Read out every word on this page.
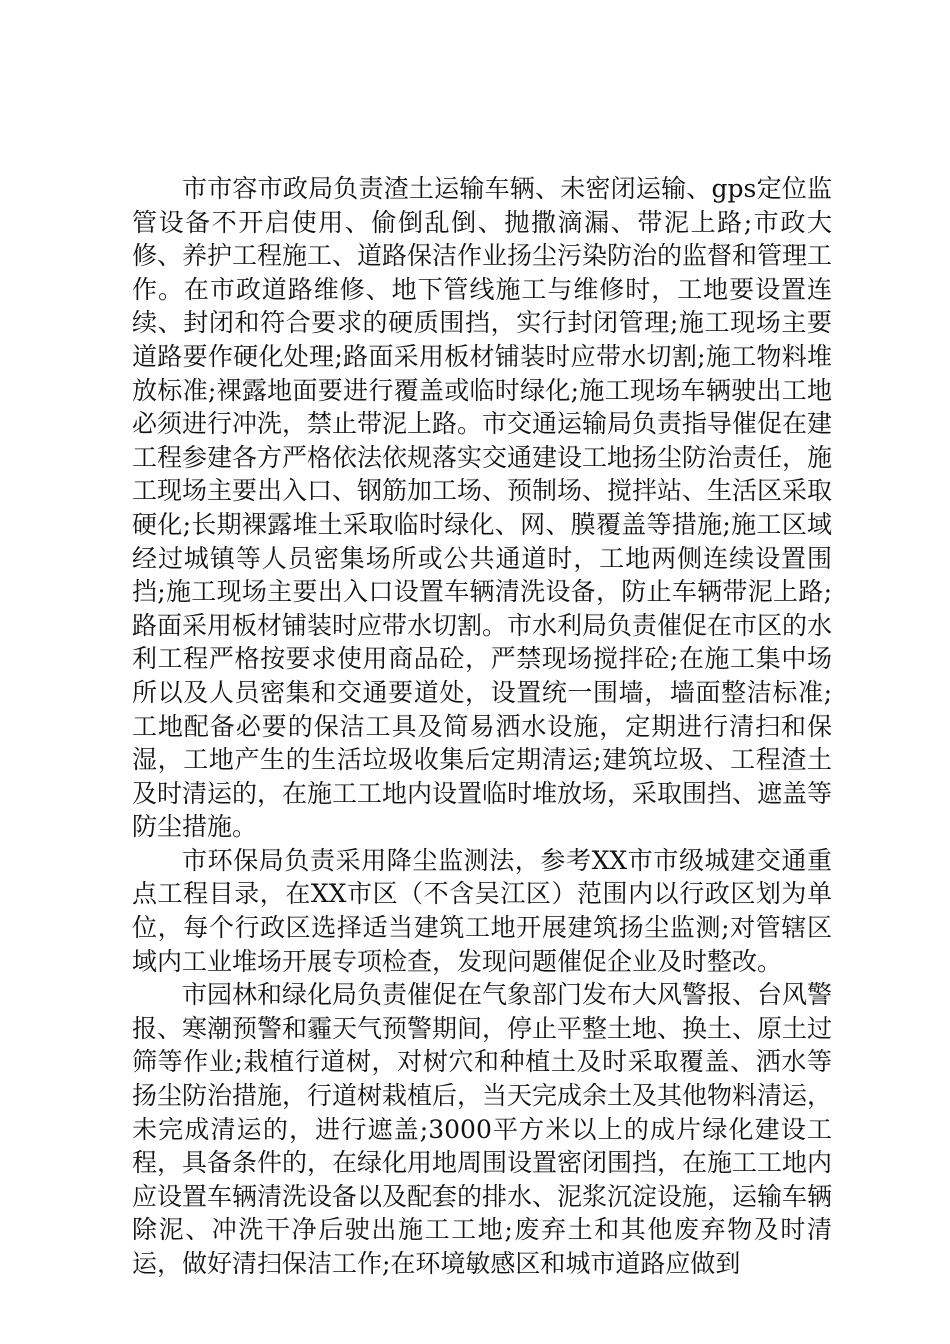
市市容市政局负责渣土运输车辆、未密闭运输、gps定位监管设备不开启使用、偷倒乱倒、抛撒滴漏、带泥上路;市政大修、养护工程施工、道路保洁作业扬尘污染防治的监督和管理工作。在市政道路维修、地下管线施工与维修时，工地要设置连续、封闭和符合要求的硬质围挡，实行封闭管理;施工现场主要道路要作硬化处理;路面采用板材铺装时应带水切割;施工物料堆放标准;裸露地面要进行覆盖或临时绿化;施工现场车辆驶出工地必须进行冲洗，禁止带泥上路。市交通运输局负责指导催促在建工程参建各方严格依法依规落实交通建设工地扬尘防治责任，施工现场主要出入口、钢筋加工场、预制场、搅拌站、生活区采取硬化;长期裸露堆土采取临时绿化、网、膜覆盖等措施;施工区域经过城镇等人员密集场所或公共通道时，工地两侧连续设置围挡;施工现场主要出入口设置车辆清洗设备，防止车辆带泥上路;路面采用板材铺装时应带水切割。市水利局负责催促在市区的水利工程严格按要求使用商品砼，严禁现场搅拌砼;在施工集中场所以及人员密集和交通要道处，设置统一围墙，墙面整洁标准;工地配备必要的保洁工具及简易洒水设施，定期进行清扫和保湿，工地产生的生活垃圾收集后定期清运;建筑垃圾、工程渣土及时清运的，在施工工地内设置临时堆放场，采取围挡、遮盖等防尘措施。

市环保局负责采用降尘监测法，参考XX市市级城建交通重点工程目录，在XX市区（不含吴江区）范围内以行政区划为单位，每个行政区选择适当建筑工地开展建筑扬尘监测;对管辖区域内工业堆场开展专项检查，发现问题催促企业及时整改。

市园林和绿化局负责催促在气象部门发布大风警报、台风警报、寒潮预警和霾天气预警期间，停止平整土地、换土、原土过筛等作业;栽植行道树，对树穴和种植土及时采取覆盖、洒水等扬尘防治措施，行道树栽植后，当天完成余土及其他物料清运，未完成清运的，进行遮盖;3000平方米以上的成片绿化建设工程，具备条件的，在绿化用地周围设置密闭围挡，在施工工地内应设置车辆清洗设备以及配套的排水、泥浆沉淀设施，运输车辆除泥、冲洗干净后驶出施工工地;废弃土和其他废弃物及时清运，做好清扫保洁工作;在环境敏感区和城市道路应做到
